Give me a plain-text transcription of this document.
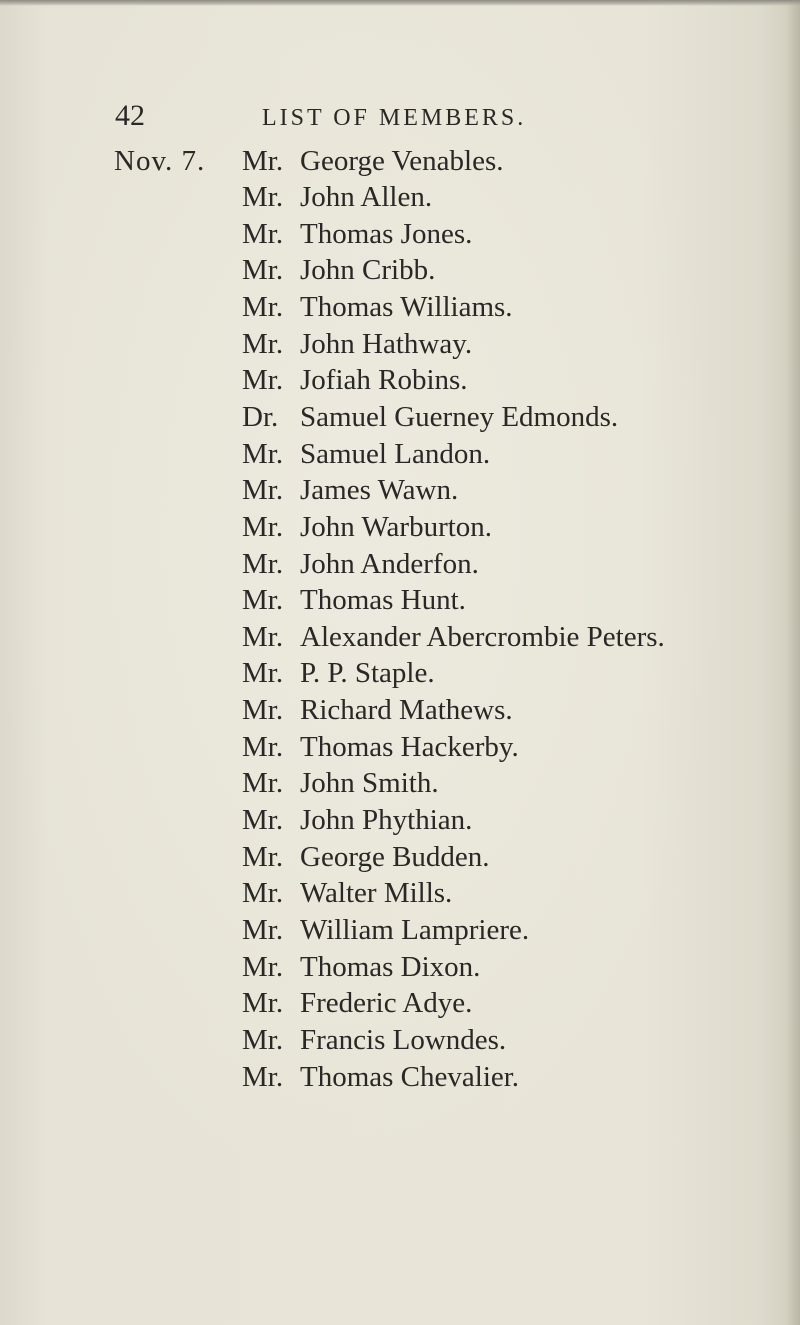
42	LIST OF MEMBERS.
Nov. 7. Mr. George Venables.
Mr. John Allen.
Mr. Thomas Jones.
Mr. John Cribb.
Mr. Thomas Williams.
Mr. John Hathway.
Mr. Jofiah Robins.
Dr. Samuel Guerney Edmonds.
Mr. Samuel Landon.
Mr. James Wawn.
Mr. John Warburton.
Mr. John Anderfon.
Mr. Thomas Hunt.
Mr. Alexander Abercrombie Peters.
Mr. P. P. Staple.
Mr. Richard Mathews.
Mr. Thomas Hackerby.
Mr. John Smith.
Mr. John Phythian.
Mr. George Budden.
Mr. Walter Mills.
Mr. William Lampriere.
Mr. Thomas Dixon.
Mr. Frederic Adye.
Mr. Francis Lowndes.
Mr. Thomas Chevalier.
